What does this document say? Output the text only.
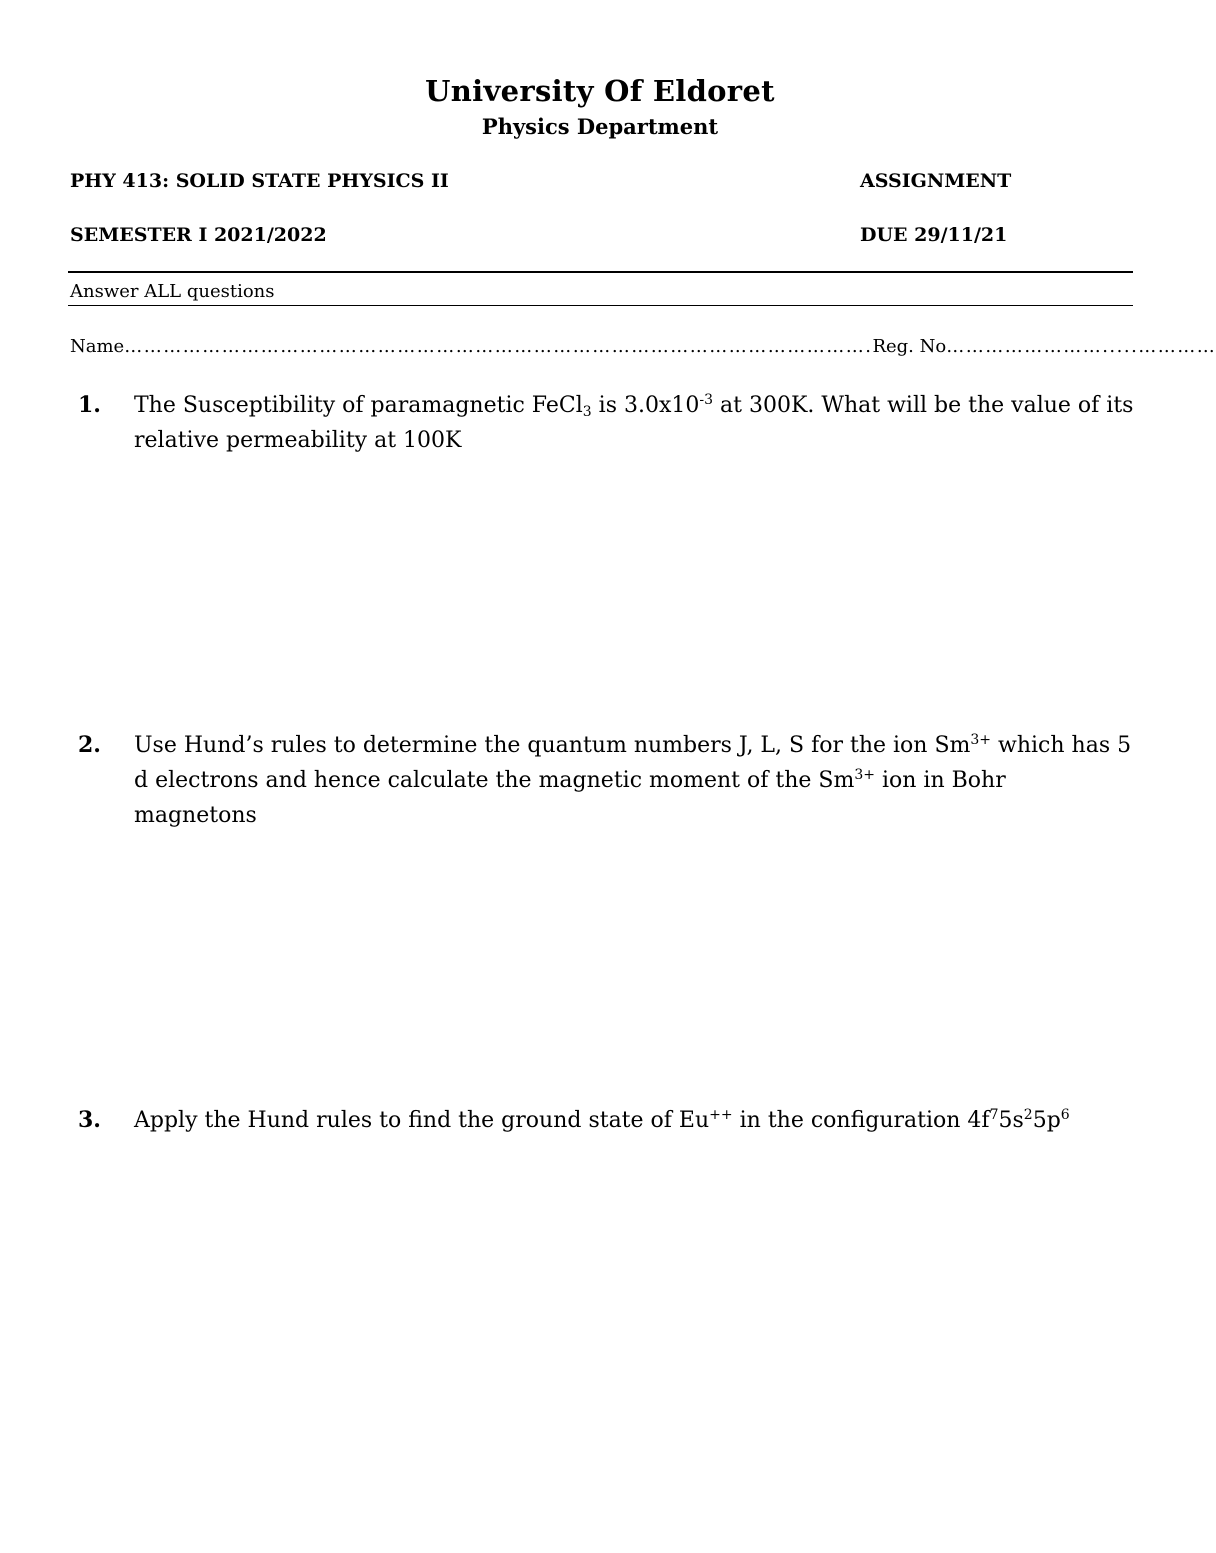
University Of Eldoret
Physics Department
PHY 413: SOLID STATE PHYSICS II	ASSIGNMENT
SEMESTER I 2021/2022	DUE 29/11/21
Answer ALL questions
Name ……………………………………………………………………………………………………. Reg. No …………………….....…………
1. The Susceptibility of paramagnetic FeCl$_3$ is $3.0x10^{-3}$ at 300K. What will be the value of its relative permeability at 100K
2. Use Hund’s rules to determine the quantum numbers J, L, S for the ion $Sm^{3+}$ which has 5 d electrons and hence calculate the magnetic moment of the $Sm^{3+}$ ion in Bohr magnetons
3. Apply the Hund rules to find the ground state of Eu++ in the configuration $4f^75s^25p^6$
